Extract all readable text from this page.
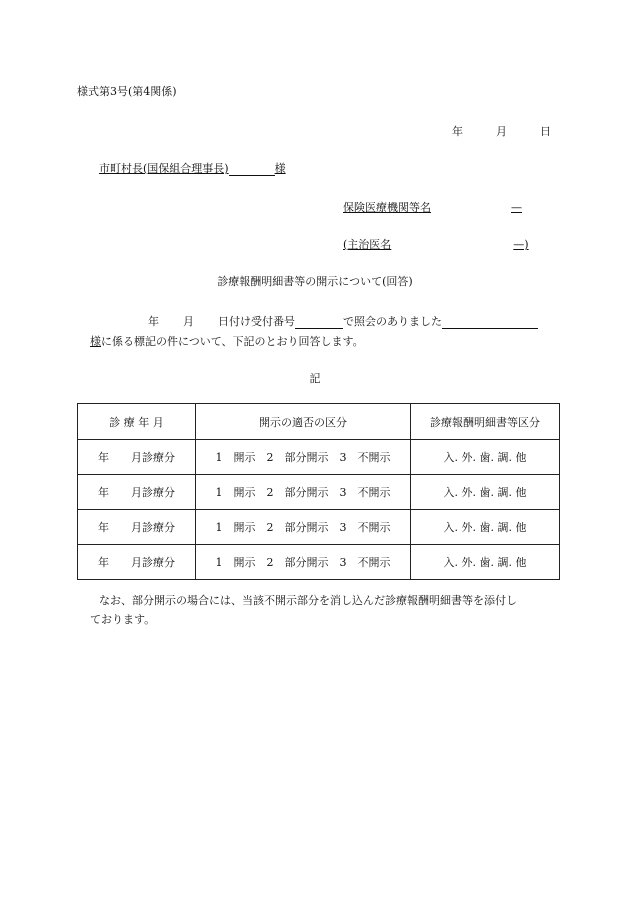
様式第3号(第4関係)
年	月	日
市町村長(国保組合理事長)	様
保険医療機関等名	—
(主治医名	—)
診療報酬明細書等の開示について(回答)
年 月 日付け受付番号	で照会のありました
様に係る標記の件について、下記のとおり回答します。
記
診 療 年 月	開示の適否の区分	診療報酬明細書等区分
年　　月診療分	1　開示　2　部分開示　3　不開示	入. 外. 歯. 調. 他
年　　月診療分	1　開示　2　部分開示　3　不開示	入. 外. 歯. 調. 他
年　　月診療分	1　開示　2　部分開示　3　不開示	入. 外. 歯. 調. 他
年　　月診療分	1　開示　2　部分開示　3　不開示	入. 外. 歯. 調. 他
なお、部分開示の場合には、当該不開示部分を消し込んだ診療報酬明細書等を添付し
ております。
